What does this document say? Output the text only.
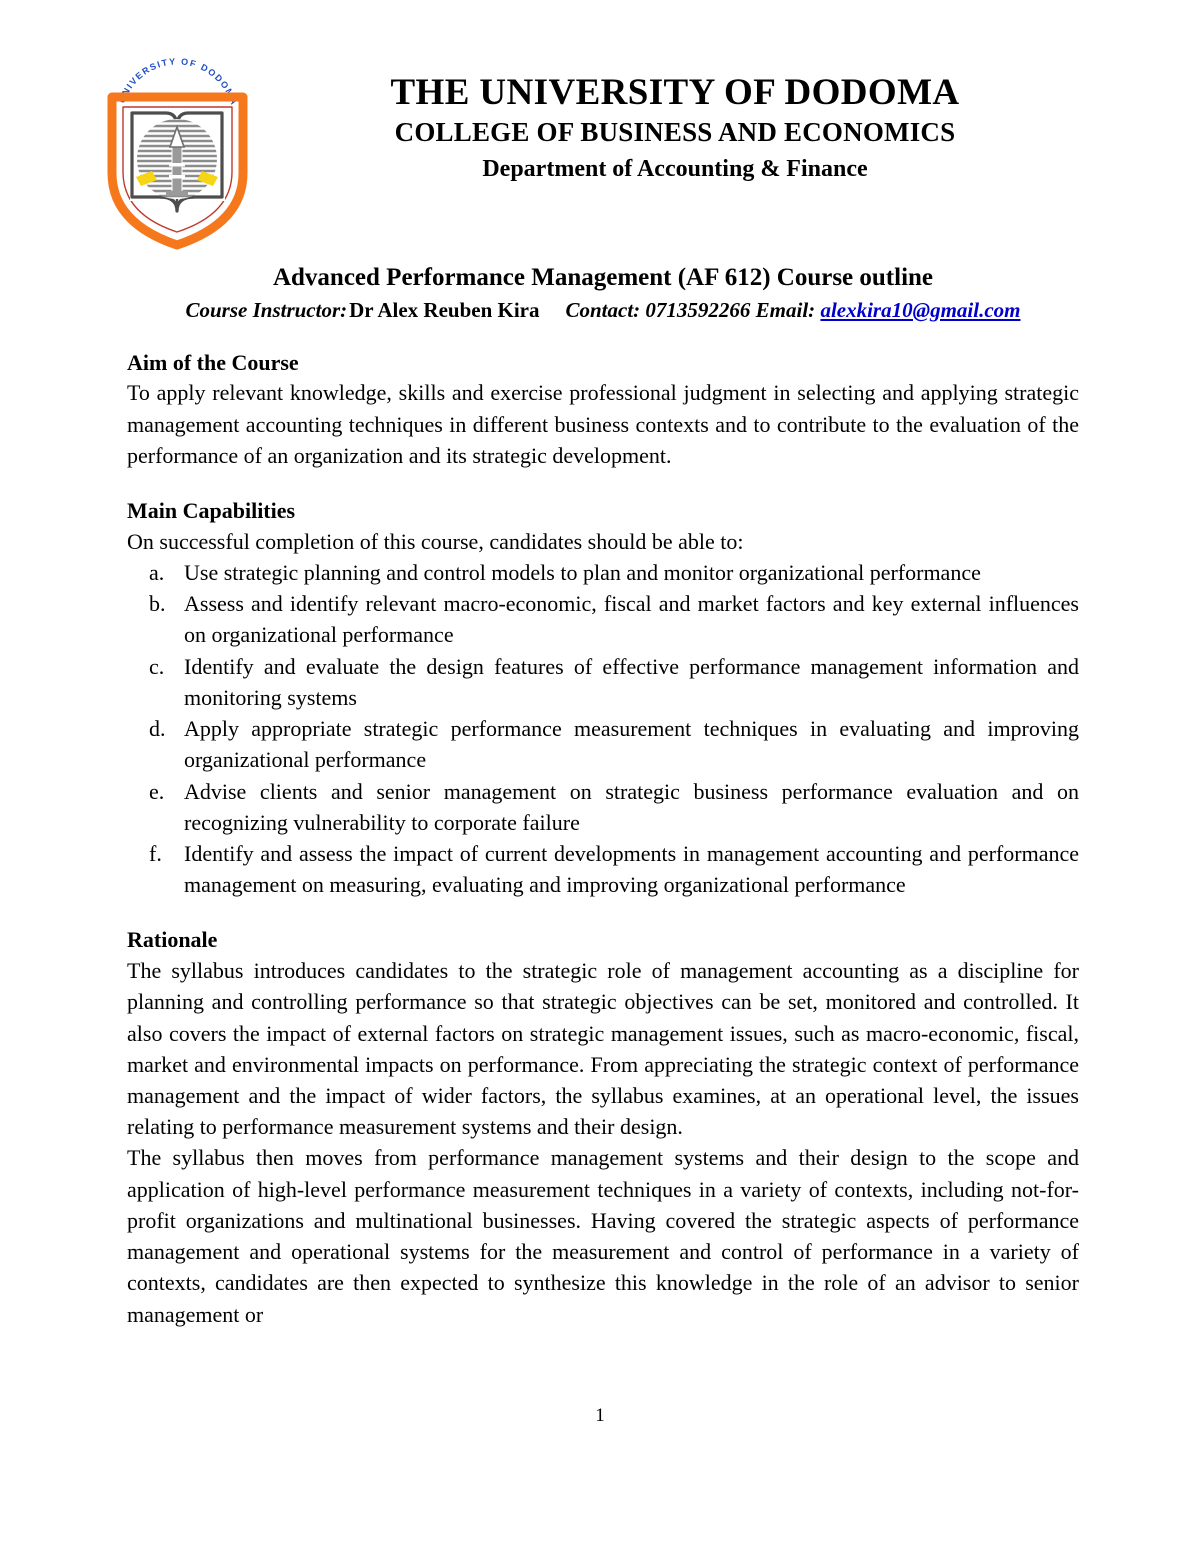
UNIVERSITY OF DODOMA	THE UNIVERSITY OF DODOMA
COLLEGE OF BUSINESS AND ECONOMICS
Department of Accounting & Finance
Advanced Performance Management (AF 612) Course outline
Course Instructor:Dr Alex Reuben Kira Contact: 0713592266 Email: alexkira10@gmail.com
Aim of the Course

To apply relevant knowledge, skills and exercise professional judgment in selecting and applying strategic management accounting techniques in different business contexts and to contribute to the evaluation of the performance of an organization and its strategic development.

Main Capabilities

On successful completion of this course, candidates should be able to:

a. Use strategic planning and control models to plan and monitor organizational performance
b. Assess and identify relevant macro-economic, fiscal and market factors and key external influences on organizational performance
c. Identify and evaluate the design features of effective performance management information and monitoring systems
d. Apply appropriate strategic performance measurement techniques in evaluating and improving organizational performance
e. Advise clients and senior management on strategic business performance evaluation and on recognizing vulnerability to corporate failure
f.	Identify and assess the impact of current developments in management accounting and performance management on measuring, evaluating and improving organizational performance
Rationale

The syllabus introduces candidates to the strategic role of management accounting as a discipline for planning and controlling performance so that strategic objectives can be set, monitored and controlled. It also covers the impact of external factors on strategic management issues, such as macro-economic, fiscal, market and environmental impacts on performance. From appreciating the strategic context of performance management and the impact of wider factors, the syllabus examines, at an operational level, the issues relating to performance measurement systems and their design.

The syllabus then moves from performance management systems and their design to the scope and application of high-level performance measurement techniques in a variety of contexts, including not-for-profit organizations and multinational businesses. Having covered the strategic aspects of performance management and operational systems for the measurement and control of performance in a variety of contexts, candidates are then expected to synthesize this knowledge in the role of an advisor to senior management or

1
